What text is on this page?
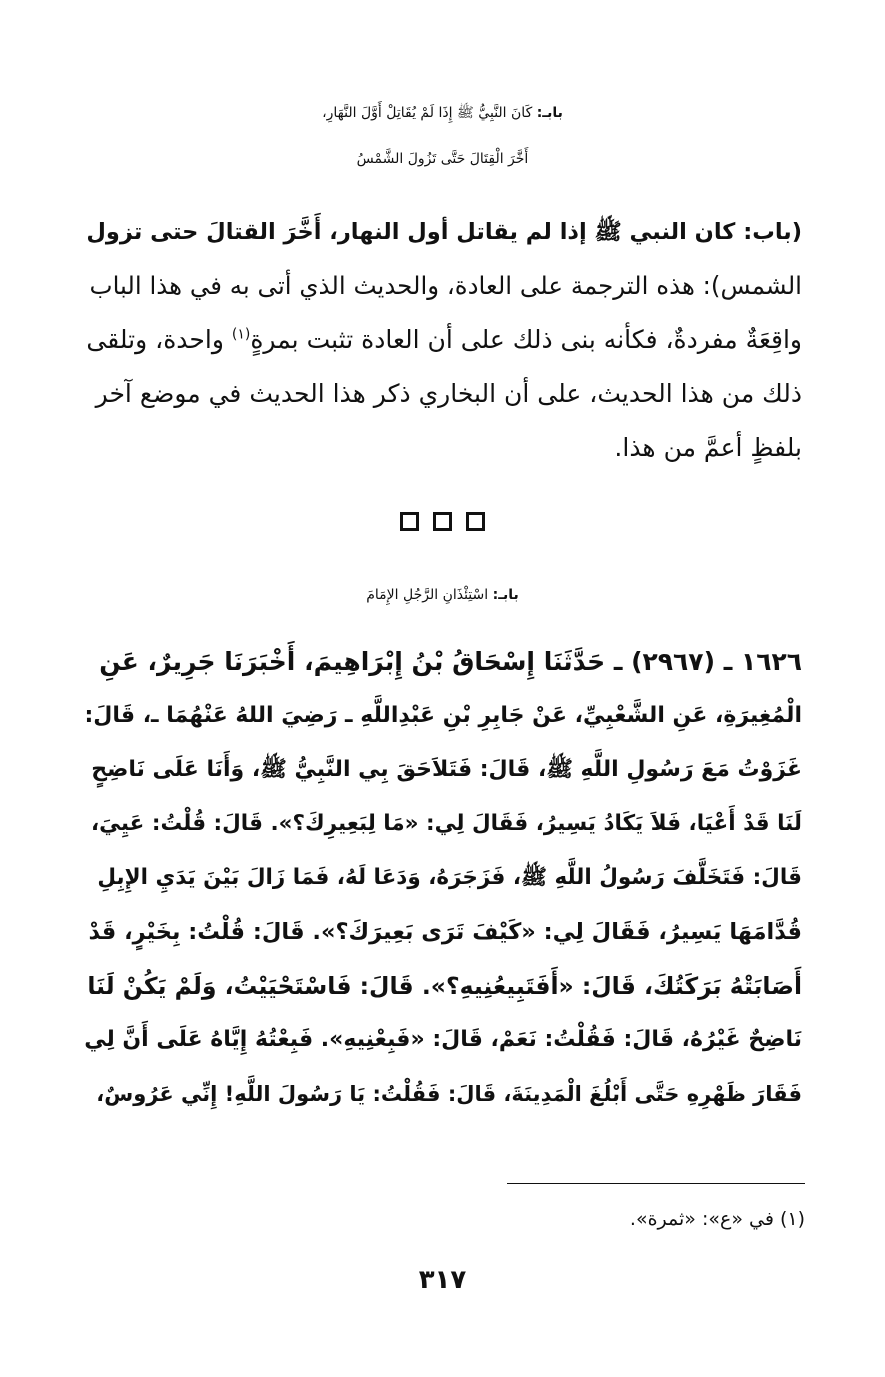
بابـ: كَانَ النَّبِيُّ ﷺ إِذَا لَمْ يُقَاتِلْ أَوَّلَ النَّهَارِ،
أَخَّرَ الْقِتَالَ حَتَّى تَزُولَ الشَّمْسُ
(باب: كان النبي ﷺ إذا لم يقاتل أول النهار، أَخَّرَ القتالَ حتى تزول
الشمس): هذه الترجمة على العادة، والحديث الذي أتى به في هذا الباب
واقِعَةٌ مفردةٌ، فكأنه بنى ذلك على أن العادة تثبت بمرةٍ$^{(١)}$ واحدة، وتلقى
ذلك من هذا الحديث، على أن البخاري ذكر هذا الحديث في موضع آخر
بلفظٍ أعمَّ من هذا.
بابـ: اسْتِئْذَانِ الرَّجُلِ الإِمَامَ
١٦٢٦ ـ (٢٩٦٧) ـ حَدَّثَنَا إِسْحَاقُ بْنُ إِبْرَاهِيمَ، أَخْبَرَنَا جَرِيرٌ، عَنِ
الْمُغِيرَةِ، عَنِ الشَّعْبِيِّ، عَنْ جَابِرِ بْنِ عَبْدِاللَّهِ ـ رَضِيَ اللهُ عَنْهُمَا ـ، قَالَ:
غَزَوْتُ مَعَ رَسُولِ اللَّهِ ﷺ، قَالَ: فَتَلاَحَقَ بِي النَّبِيُّ ﷺ، وَأَنَا عَلَى نَاضِحٍ
لَنَا قَدْ أَعْيَا، فَلاَ يَكَادُ يَسِيرُ، فَقَالَ لِي: «مَا لِبَعِيرِكَ؟». قَالَ: قُلْتُ: عَيِيَ،
قَالَ: فَتَخَلَّفَ رَسُولُ اللَّهِ ﷺ، فَزَجَرَهُ، وَدَعَا لَهُ، فَمَا زَالَ بَيْنَ يَدَيِ الإِبِلِ
قُدَّامَهَا يَسِيرُ، فَقَالَ لِي: «كَيْفَ تَرَى بَعِيرَكَ؟». قَالَ: قُلْتُ: بِخَيْرٍ، قَدْ
أَصَابَتْهُ بَرَكَتُكَ، قَالَ: «أَفَتَبِيعُنِيهِ؟». قَالَ: فَاسْتَحْيَيْتُ، وَلَمْ يَكُنْ لَنَا
نَاضِحٌ غَيْرُهُ، قَالَ: فَقُلْتُ: نَعَمْ، قَالَ: «فَبِعْنِيهِ». فَبِعْتُهُ إِيَّاهُ عَلَى أَنَّ لِي
فَقَارَ ظَهْرِهِ حَتَّى أَبْلُغَ الْمَدِينَةَ، قَالَ: فَقُلْتُ: يَا رَسُولَ اللَّهِ! إِنِّي عَرُوسٌ،
(١) في «ع»: «ثمرة».
٣١٧
